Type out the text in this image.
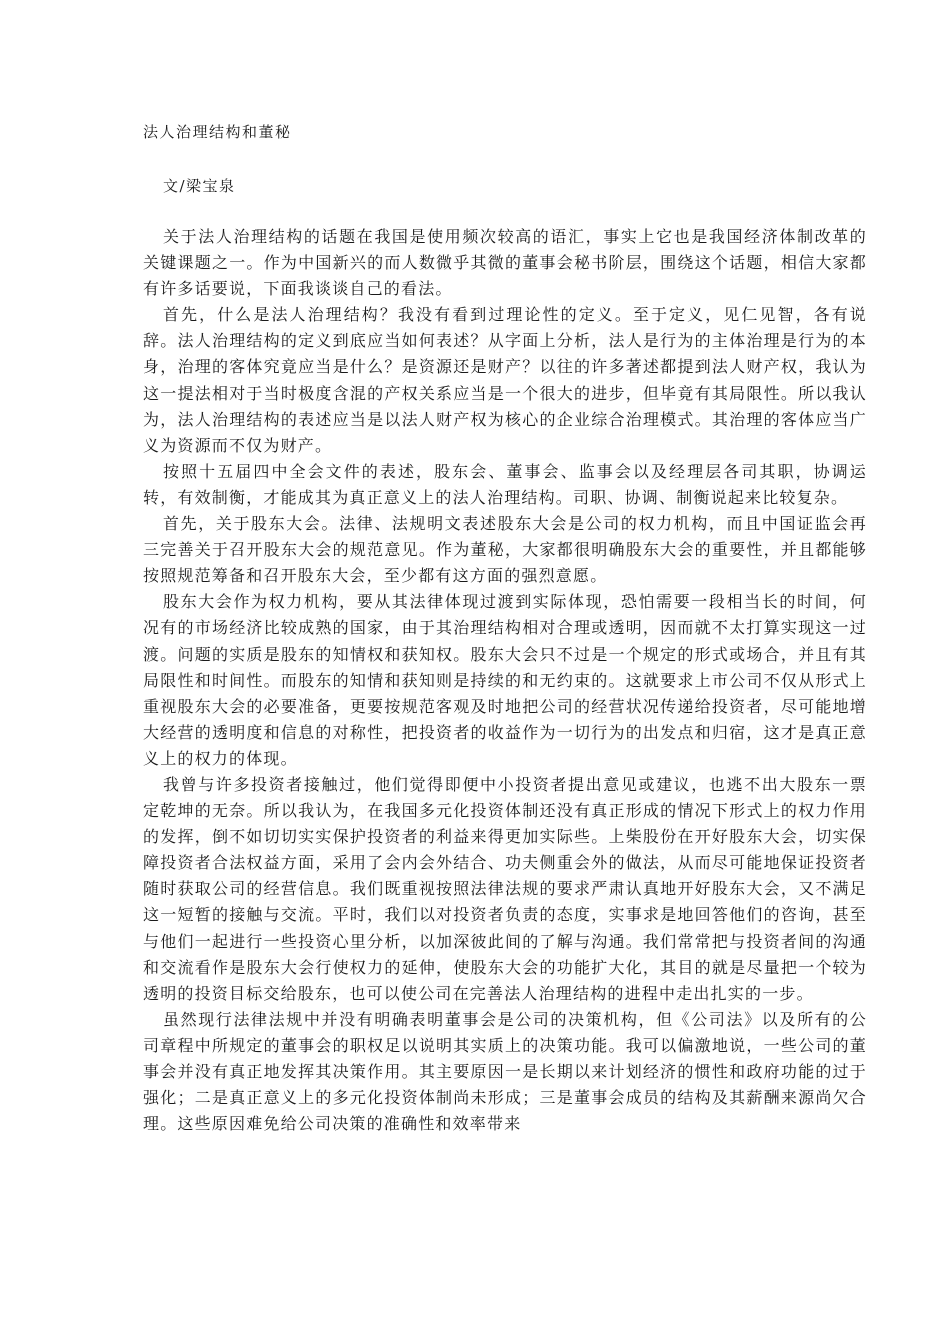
法人治理结构和董秘

文/梁宝泉

关于法人治理结构的话题在我国是使用频次较高的语汇，事实上它也是我国经济体制改革的关键课题之一。作为中国新兴的而人数微乎其微的董事会秘书阶层，围绕这个话题，相信大家都有许多话要说，下面我谈谈自己的看法。

首先，什么是法人治理结构？我没有看到过理论性的定义。至于定义，见仁见智，各有说辞。法人治理结构的定义到底应当如何表述？从字面上分析，法人是行为的主体治理是行为的本身，治理的客体究竟应当是什么？是资源还是财产？以往的许多著述都提到法人财产权，我认为这一提法相对于当时极度含混的产权关系应当是一个很大的进步，但毕竟有其局限性。所以我认为，法人治理结构的表述应当是以法人财产权为核心的企业综合治理模式。其治理的客体应当广义为资源而不仅为财产。

按照十五届四中全会文件的表述，股东会、董事会、监事会以及经理层各司其职，协调运转，有效制衡，才能成其为真正意义上的法人治理结构。司职、协调、制衡说起来比较复杂。

首先，关于股东大会。法律、法规明文表述股东大会是公司的权力机构，而且中国证监会再三完善关于召开股东大会的规范意见。作为董秘，大家都很明确股东大会的重要性，并且都能够按照规范筹备和召开股东大会，至少都有这方面的强烈意愿。

股东大会作为权力机构，要从其法律体现过渡到实际体现，恐怕需要一段相当长的时间，何况有的市场经济比较成熟的国家，由于其治理结构相对合理或透明，因而就不太打算实现这一过渡。问题的实质是股东的知情权和获知权。股东大会只不过是一个规定的形式或场合，并且有其局限性和时间性。而股东的知情和获知则是持续的和无约束的。这就要求上市公司不仅从形式上重视股东大会的必要准备，更要按规范客观及时地把公司的经营状况传递给投资者，尽可能地增大经营的透明度和信息的对称性，把投资者的收益作为一切行为的出发点和归宿，这才是真正意义上的权力的体现。

我曾与许多投资者接触过，他们觉得即便中小投资者提出意见或建议，也逃不出大股东一票定乾坤的无奈。所以我认为，在我国多元化投资体制还没有真正形成的情况下形式上的权力作用的发挥，倒不如切切实实保护投资者的利益来得更加实际些。上柴股份在开好股东大会，切实保障投资者合法权益方面，采用了会内会外结合、功夫侧重会外的做法，从而尽可能地保证投资者随时获取公司的经营信息。我们既重视按照法律法规的要求严肃认真地开好股东大会，又不满足这一短暂的接触与交流。平时，我们以对投资者负责的态度，实事求是地回答他们的咨询，甚至与他们一起进行一些投资心里分析，以加深彼此间的了解与沟通。我们常常把与投资者间的沟通和交流看作是股东大会行使权力的延伸，使股东大会的功能扩大化，其目的就是尽量把一个较为透明的投资目标交给股东，也可以使公司在完善法人治理结构的进程中走出扎实的一步。

虽然现行法律法规中并没有明确表明董事会是公司的决策机构，但《公司法》以及所有的公司章程中所规定的董事会的职权足以说明其实质上的决策功能。我可以偏激地说，一些公司的董事会并没有真正地发挥其决策作用。其主要原因一是长期以来计划经济的惯性和政府功能的过于强化；二是真正意义上的多元化投资体制尚未形成；三是董事会成员的结构及其薪酬来源尚欠合理。这些原因难免给公司决策的准确性和效率带来
